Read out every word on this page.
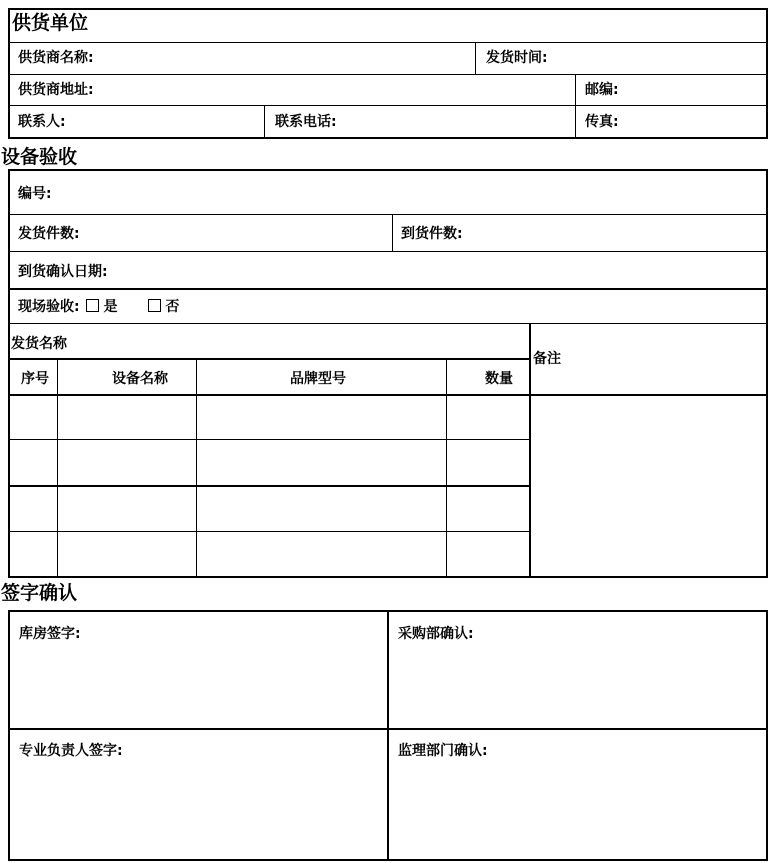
供货单位
供货商名称:	发货时间:
供货商地址:	邮编:
联系人:	联系电话:	传真:
设备验收
编号:
发货件数:	到货件数:
到货确认日期:
现场验收: 是	否
发货名称
备注
序号	设备名称	品牌型号	数量
签字确认
库房签字:	采购部确认:
专业负责人签字:	监理部门确认:
